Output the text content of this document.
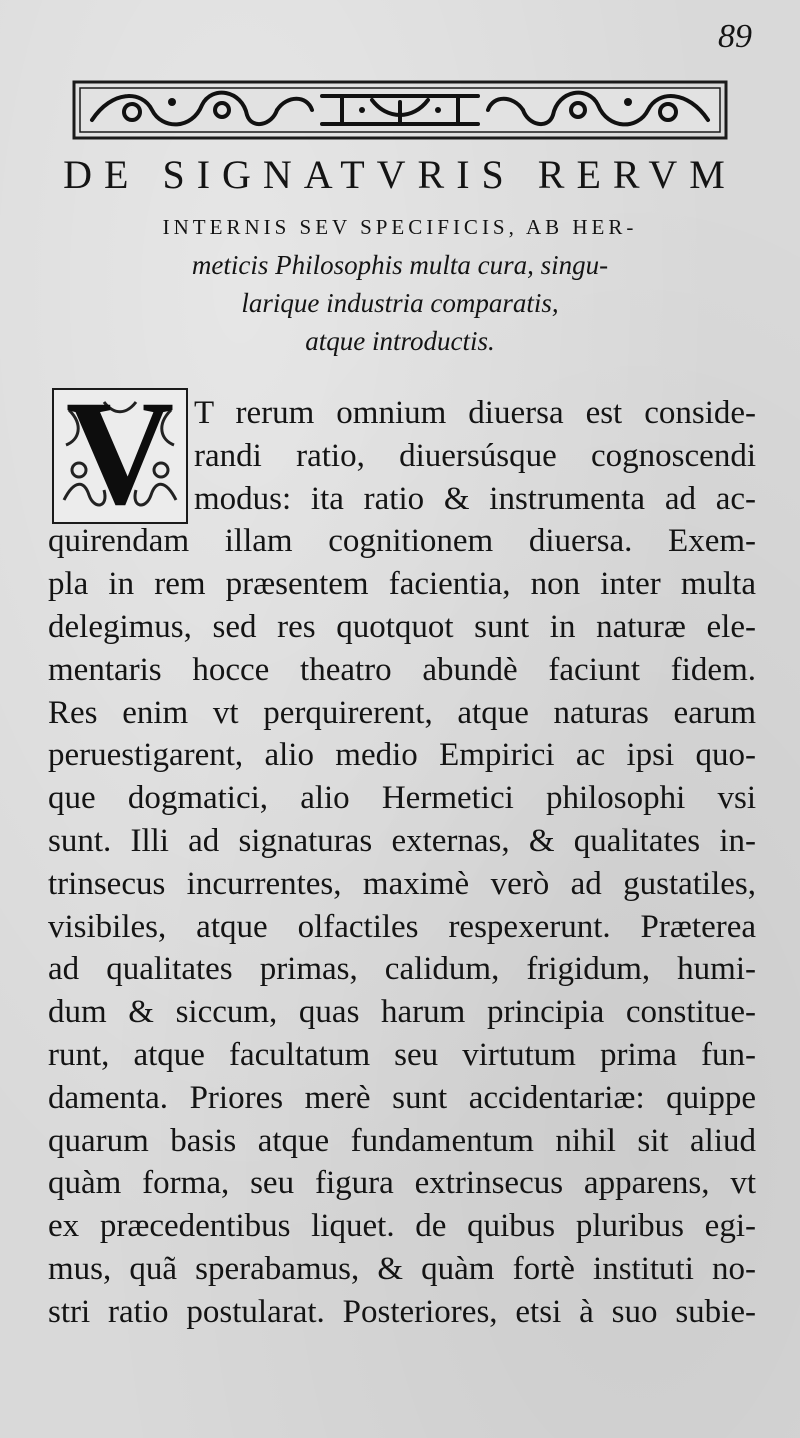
89
DE SIGNATVRIS RERVM
INTERNIS SEV SPECIFICIS, AB HER-
meticis Philosophis multa cura, singu-
larique industria comparatis,
atque introductis.
V T rerum omnium diuersa est conside-
randi ratio, diuersúsque cognoscendi
modus: ita ratio & instrumenta ad ac-
quirendam illam cognitionem diuersa. Exem-
pla in rem præsentem facientia, non inter multa
delegimus, sed res quotquot sunt in naturæ ele-
mentaris hocce theatro abundè faciunt fidem.
Res enim vt perquirerent, atque naturas earum
peruestigarent, alio medio Empirici ac ipsi quo-
que dogmatici, alio Hermetici philosophi vsi
sunt. Illi ad signaturas externas, & qualitates in-
trinsecus incurrentes, maximè verò ad gustatiles,
visibiles, atque olfactiles respexerunt. Præterea
ad qualitates primas, calidum, frigidum, humi-
dum & siccum, quas harum principia constitue-
runt, atque facultatum seu virtutum prima fun-
damenta. Priores merè sunt accidentariæ: quippe
quarum basis atque fundamentum nihil sit aliud
quàm forma, seu figura extrinsecus apparens, vt
ex præcedentibus liquet. de quibus pluribus egi-
mus, quã sperabamus, & quàm fortè instituti no-
stri ratio postularat. Posteriores, etsi à suo subie-
